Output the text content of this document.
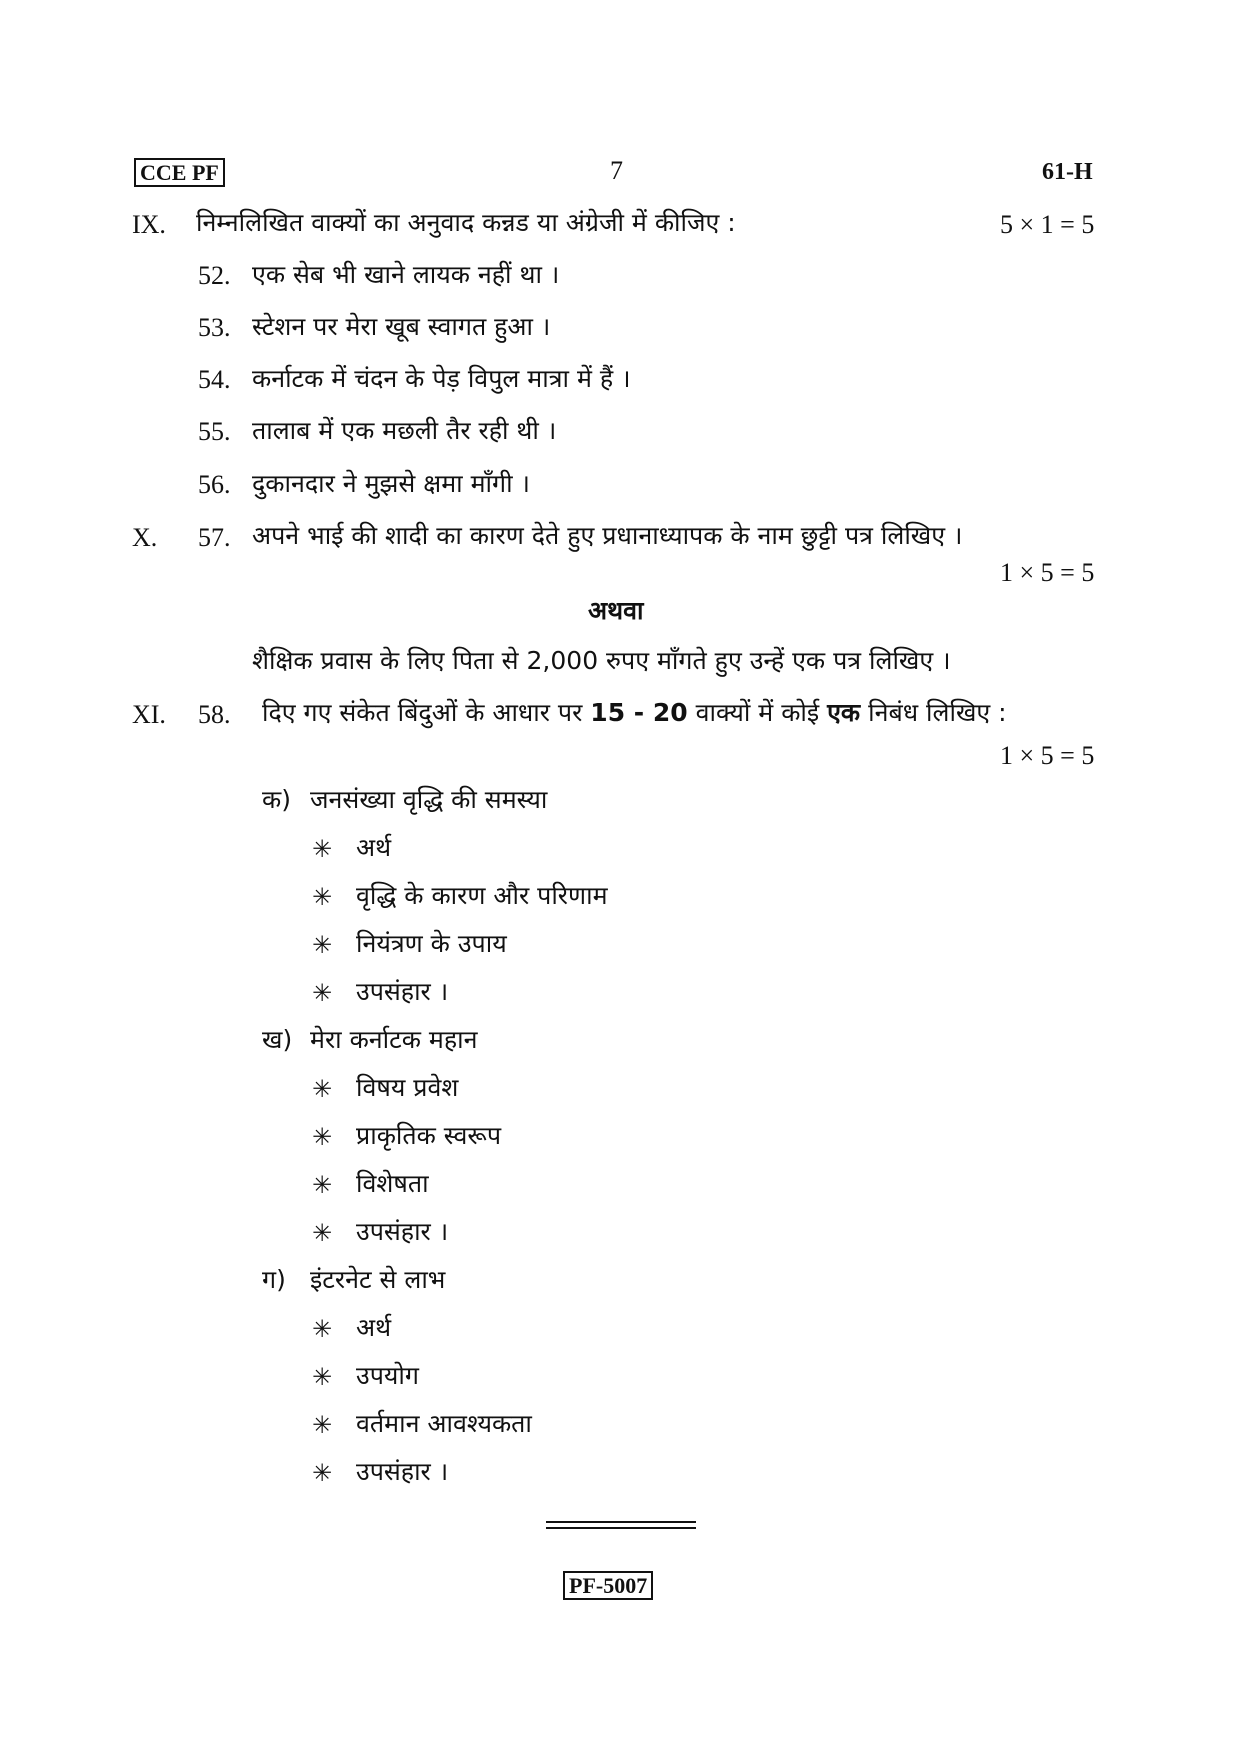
CCE PF	7	61-H
IX. निम्नलिखित वाक्यों का अनुवाद कन्नड या अंग्रेजी में कीजिए :	5 × 1 = 5
52. एक सेब भी खाने लायक नहीं था ।
53. स्टेशन पर मेरा खूब स्वागत हुआ ।
54. कर्नाटक में चंदन के पेड़ विपुल मात्रा में हैं ।
55. तालाब में एक मछली तैर रही थी ।
56. दुकानदार ने मुझसे क्षमा माँगी ।
X. 57. अपने भाई की शादी का कारण देते हुए प्रधानाध्यापक के नाम छुट्टी पत्र लिखिए ।
1 × 5 = 5
अथवा
शैक्षिक प्रवास के लिए पिता से 2,000 रुपए माँगते हुए उन्हें एक पत्र लिखिए ।
XI. 58. दिए गए संकेत बिंदुओं के आधार पर 15 - 20 वाक्यों में कोई एक निबंध लिखिए :
1 × 5 = 5
क) जनसंख्या वृद्धि की समस्या
✳ अर्थ
✳ वृद्धि के कारण और परिणाम
✳ नियंत्रण के उपाय
✳ उपसंहार ।
ख) मेरा कर्नाटक महान
✳ विषय प्रवेश
✳ प्राकृतिक स्वरूप
✳ विशेषता
✳ उपसंहार ।
ग) इंटरनेट से लाभ
✳ अर्थ
✳ उपयोग
✳ वर्तमान आवश्यकता
✳ उपसंहार ।
PF-5007
